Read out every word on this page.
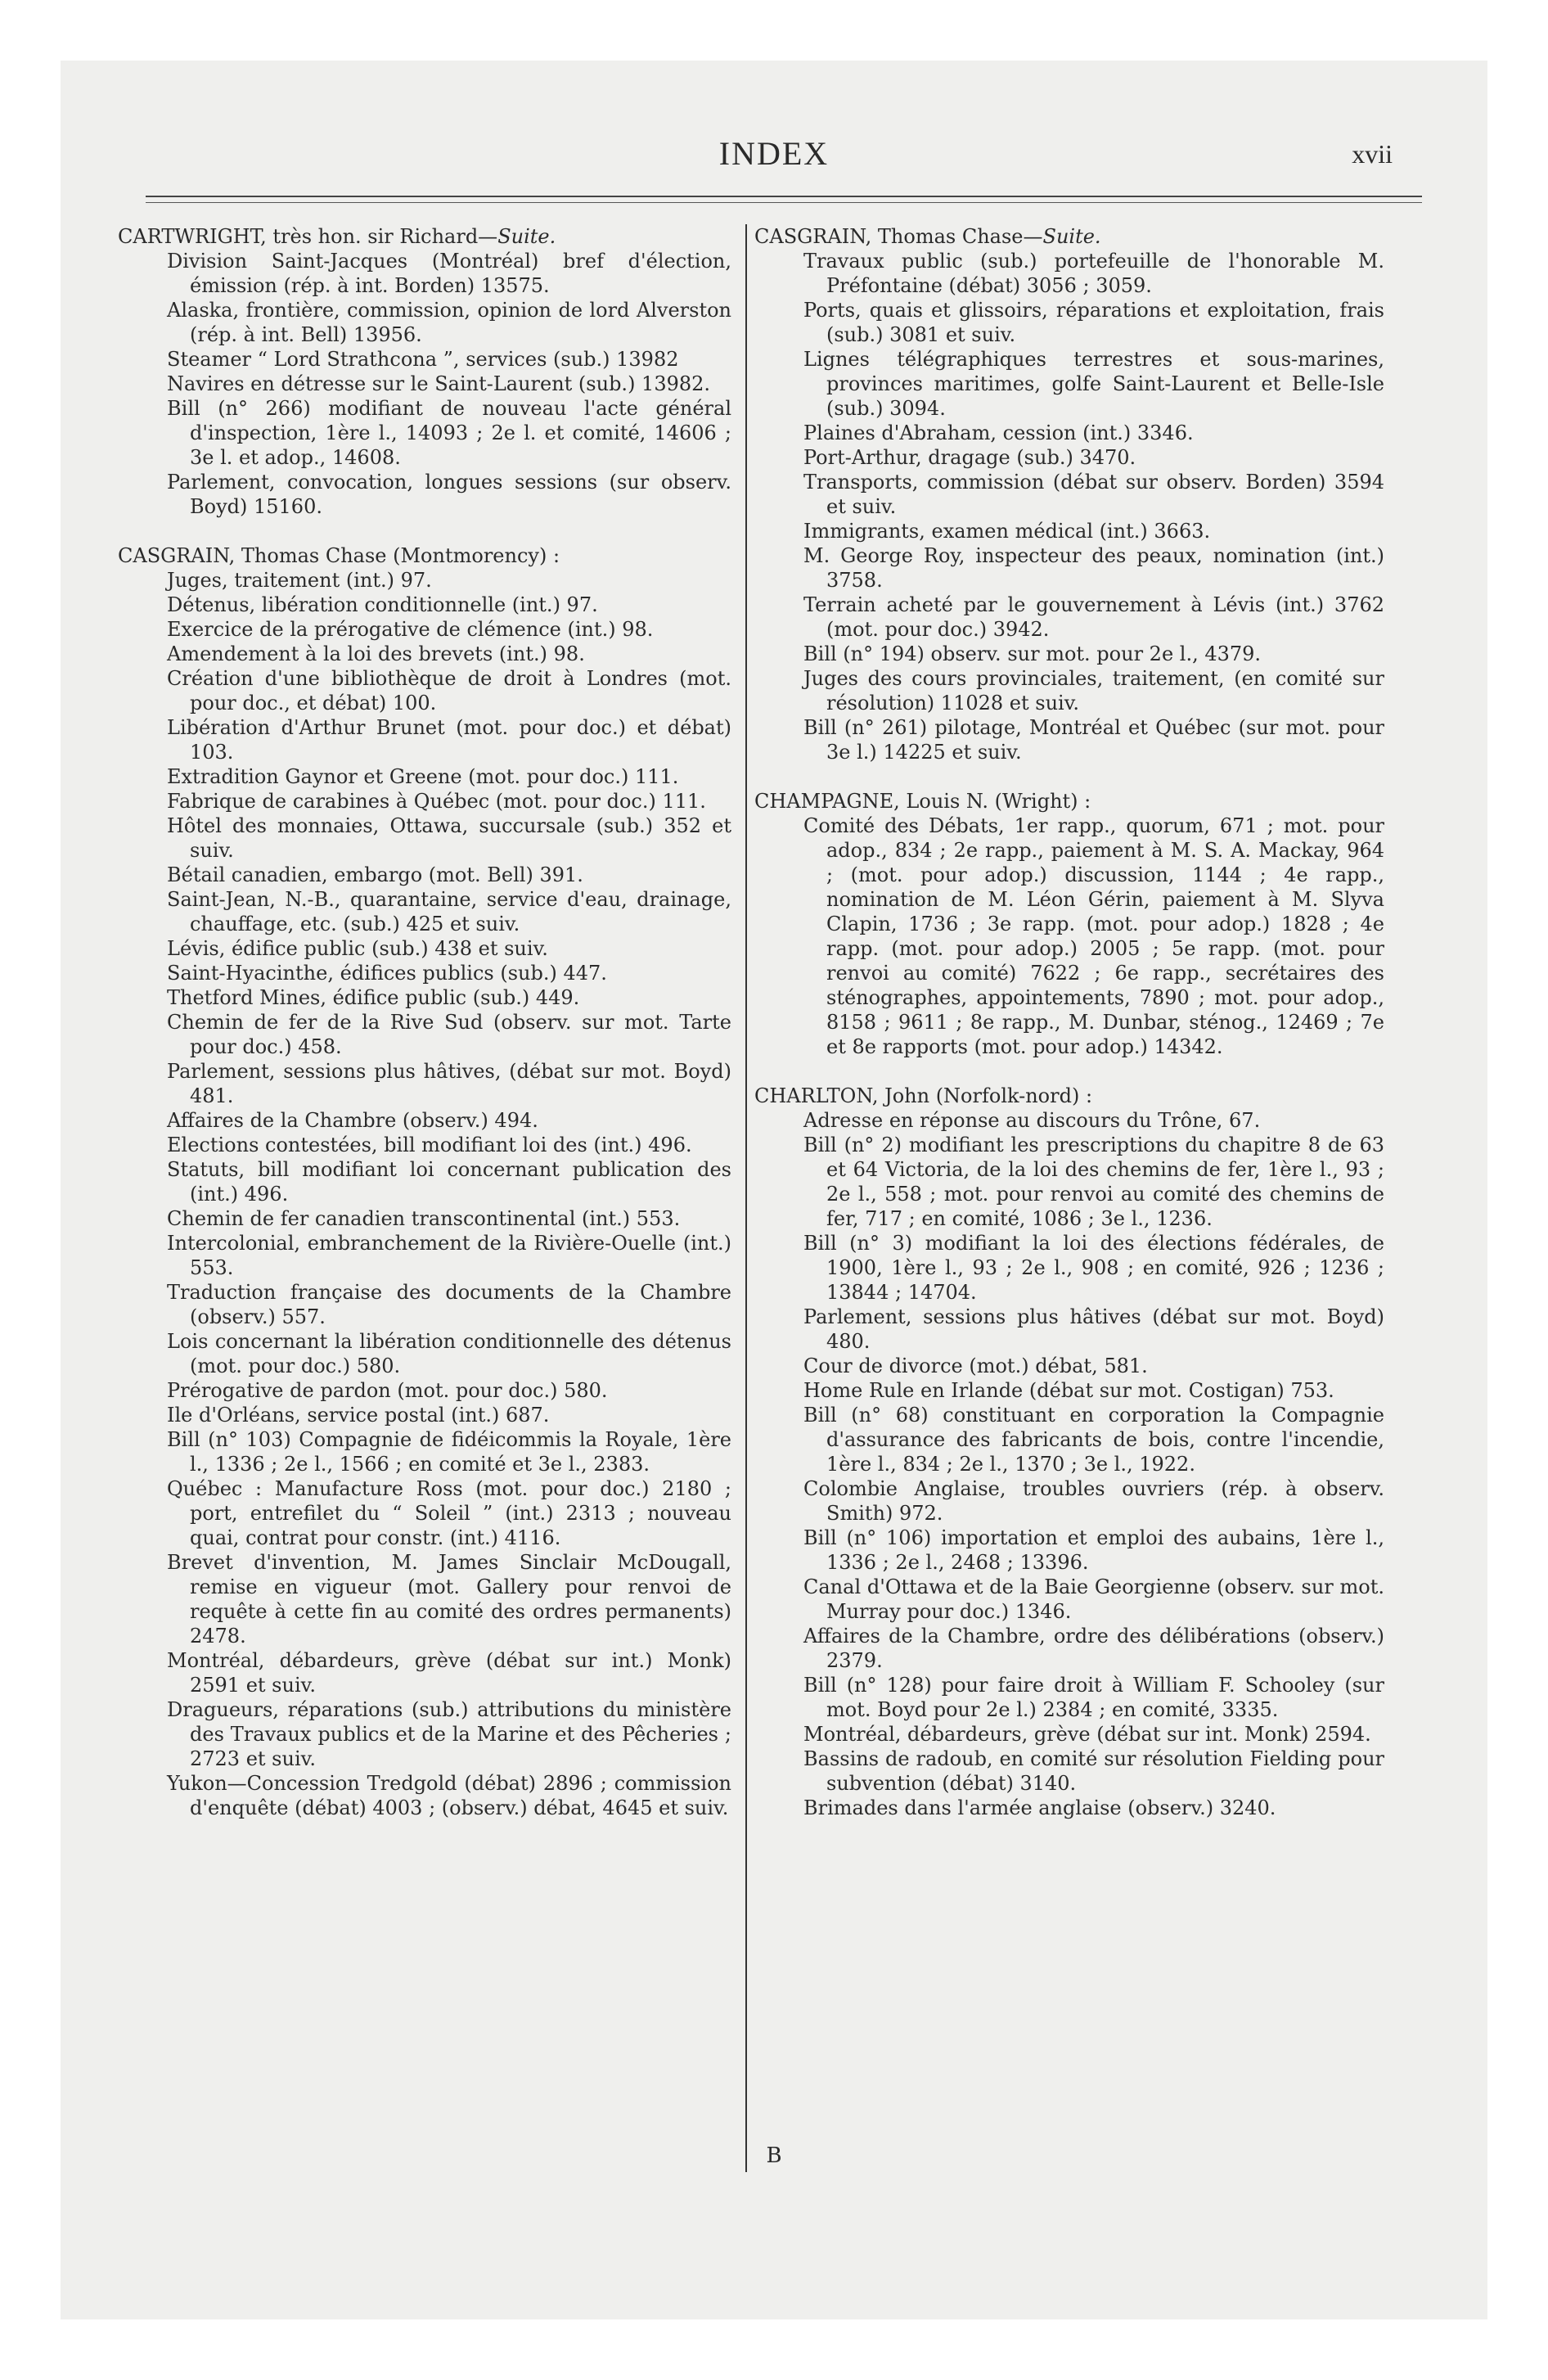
INDEX	xvii

CARTWRIGHT, très hon. sir Richard—Suite.

Division Saint-Jacques (Montréal) bref d'élection, émission (rép. à int. Borden) 13575.

Alaska, frontière, commission, opinion de lord Alverston (rép. à int. Bell) 13956.

Steamer “ Lord Strathcona ”, services (sub.) 13982

Navires en détresse sur le Saint-Laurent (sub.) 13982.

Bill (n° 266) modifiant de nouveau l'acte général d'inspection, 1ère l., 14093 ; 2e l. et comité, 14606 ; 3e l. et adop., 14608.

Parlement, convocation, longues sessions (sur observ. Boyd) 15160.

CASGRAIN, Thomas Chase (Montmorency) :

Juges, traitement (int.) 97.

Détenus, libération conditionnelle (int.) 97.

Exercice de la prérogative de clémence (int.) 98.

Amendement à la loi des brevets (int.) 98.

Création d'une bibliothèque de droit à Londres (mot. pour doc., et débat) 100.

Libération d'Arthur Brunet (mot. pour doc.) et débat) 103.

Extradition Gaynor et Greene (mot. pour doc.) 111.

Fabrique de carabines à Québec (mot. pour doc.) 111.

Hôtel des monnaies, Ottawa, succursale (sub.) 352 et suiv.

Bétail canadien, embargo (mot. Bell) 391.

Saint-Jean, N.-B., quarantaine, service d'eau, drainage, chauffage, etc. (sub.) 425 et suiv.

Lévis, édifice public (sub.) 438 et suiv.

Saint-Hyacinthe, édifices publics (sub.) 447.

Thetford Mines, édifice public (sub.) 449.

Chemin de fer de la Rive Sud (observ. sur mot. Tarte pour doc.) 458.

Parlement, sessions plus hâtives, (débat sur mot. Boyd) 481.

Affaires de la Chambre (observ.) 494.

Elections contestées, bill modifiant loi des (int.) 496.

Statuts, bill modifiant loi concernant publication des (int.) 496.

Chemin de fer canadien transcontinental (int.) 553.

Intercolonial, embranchement de la Rivière-Ouelle (int.) 553.

Traduction française des documents de la Chambre (observ.) 557.

Lois concernant la libération conditionnelle des détenus (mot. pour doc.) 580.

Prérogative de pardon (mot. pour doc.) 580.

Ile d'Orléans, service postal (int.) 687.

Bill (n° 103) Compagnie de fidéicommis la Royale, 1ère l., 1336 ; 2e l., 1566 ; en comité et 3e l., 2383.

Québec : Manufacture Ross (mot. pour doc.) 2180 ; port, entrefilet du “ Soleil ” (int.) 2313 ; nouveau quai, contrat pour constr. (int.) 4116.

Brevet d'invention, M. James Sinclair McDougall, remise en vigueur (mot. Gallery pour renvoi de requête à cette fin au comité des ordres permanents) 2478.

Montréal, débardeurs, grève (débat sur int.) Monk) 2591 et suiv.

Dragueurs, réparations (sub.) attributions du ministère des Travaux publics et de la Marine et des Pêcheries ; 2723 et suiv.

Yukon—Concession Tredgold (débat) 2896 ; commission d'enquête (débat) 4003 ; (observ.) débat, 4645 et suiv.

CASGRAIN, Thomas Chase—Suite.

Travaux public (sub.) portefeuille de l'honorable M. Préfontaine (débat) 3056 ; 3059.

Ports, quais et glissoirs, réparations et exploitation, frais (sub.) 3081 et suiv.

Lignes télégraphiques terrestres et sous-marines, provinces maritimes, golfe Saint-Laurent et Belle-Isle (sub.) 3094.

Plaines d'Abraham, cession (int.) 3346.

Port-Arthur, dragage (sub.) 3470.

Transports, commission (débat sur observ. Borden) 3594 et suiv.

Immigrants, examen médical (int.) 3663.

M. George Roy, inspecteur des peaux, nomination (int.) 3758.

Terrain acheté par le gouvernement à Lévis (int.) 3762 (mot. pour doc.) 3942.

Bill (n° 194) observ. sur mot. pour 2e l., 4379.

Juges des cours provinciales, traitement, (en comité sur résolution) 11028 et suiv.

Bill (n° 261) pilotage, Montréal et Québec (sur mot. pour 3e l.) 14225 et suiv.

CHAMPAGNE, Louis N. (Wright) :

Comité des Débats, 1er rapp., quorum, 671 ; mot. pour adop., 834 ; 2e rapp., paiement à M. S. A. Mackay, 964 ; (mot. pour adop.) discussion, 1144 ; 4e rapp., nomination de M. Léon Gérin, paiement à M. Slyva Clapin, 1736 ; 3e rapp. (mot. pour adop.) 1828 ; 4e rapp. (mot. pour adop.) 2005 ; 5e rapp. (mot. pour renvoi au comité) 7622 ; 6e rapp., secrétaires des sténographes, appointements, 7890 ; mot. pour adop., 8158 ; 9611 ; 8e rapp., M. Dunbar, sténog., 12469 ; 7e et 8e rapports (mot. pour adop.) 14342.

CHARLTON, John (Norfolk-nord) :

Adresse en réponse au discours du Trône, 67.

Bill (n° 2) modifiant les prescriptions du chapitre 8 de 63 et 64 Victoria, de la loi des chemins de fer, 1ère l., 93 ; 2e l., 558 ; mot. pour renvoi au comité des chemins de fer, 717 ; en comité, 1086 ; 3e l., 1236.

Bill (n° 3) modifiant la loi des élections fédérales, de 1900, 1ère l., 93 ; 2e l., 908 ; en comité, 926 ; 1236 ; 13844 ; 14704.

Parlement, sessions plus hâtives (débat sur mot. Boyd) 480.

Cour de divorce (mot.) débat, 581.

Home Rule en Irlande (débat sur mot. Costigan) 753.

Bill (n° 68) constituant en corporation la Compagnie d'assurance des fabricants de bois, contre l'incendie, 1ère l., 834 ; 2e l., 1370 ; 3e l., 1922.

Colombie Anglaise, troubles ouvriers (rép. à observ. Smith) 972.

Bill (n° 106) importation et emploi des aubains, 1ère l., 1336 ; 2e l., 2468 ; 13396.

Canal d'Ottawa et de la Baie Georgienne (observ. sur mot. Murray pour doc.) 1346.

Affaires de la Chambre, ordre des délibérations (observ.) 2379.

Bill (n° 128) pour faire droit à William F. Schooley (sur mot. Boyd pour 2e l.) 2384 ; en comité, 3335.

Montréal, débardeurs, grève (débat sur int. Monk) 2594.

Bassins de radoub, en comité sur résolution Fielding pour subvention (débat) 3140.

Brimades dans l'armée anglaise (observ.) 3240.

B
